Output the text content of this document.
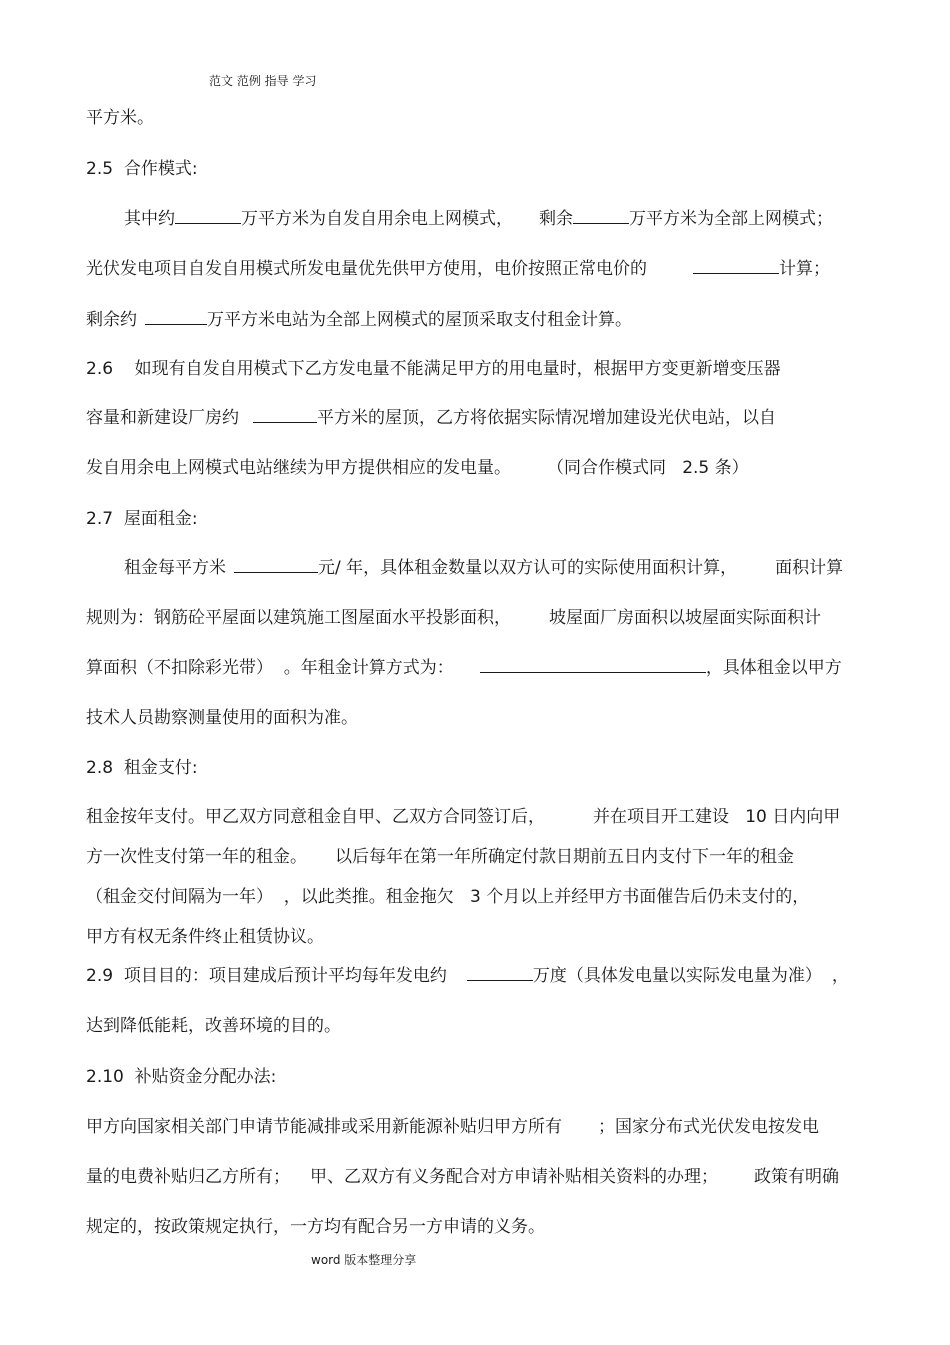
范文 范例 指导 学习
平方米。
2.5  合作模式:
其中约	万平方米为自发自用余电上网模式， 剩余	万平方米为全部上网模式；
光伏发电项目自发自用模式所发电量优先供甲方使用，电价按照正常电价的	计算；
剩余约	万平方米电站为全部上网模式的屋顶采取支付租金计算。
2.6    如现有自发自用模式下乙方发电量不能满足甲方的用电量时，根据甲方变更新增变压器
容量和新建设厂房约	平方米的屋顶，乙方将依据实际情况增加建设光伏电站，以自
发自用余电上网模式电站继续为甲方提供相应的发电量。 （同合作模式同   2.5 条）
2.7  屋面租金:
租金每平方米	元/ 年，具体租金数量以双方认可的实际使用面积计算， 面积计算
规则为：钢筋砼平屋面以建筑施工图屋面水平投影面积， 坡屋面厂房面积以坡屋面实际面积计
算面积（不扣除彩光带）  。年租金计算方式为：	，具体租金以甲方
技术人员勘察测量使用的面积为准。
2.8  租金支付:
租金按年支付。甲乙双方同意租金自甲、乙双方合同签订后，	并在项目开工建设   10 日内向甲
方一次性支付第一年的租金。 以后每年在第一年所确定付款日期前五日内支付下一年的租金
（租金交付间隔为一年）  ，以此类推。租金拖欠   3 个月以上并经甲方书面催告后仍未支付的，
甲方有权无条件终止租赁协议。
2.9  项目目的：项目建成后预计平均每年发电约	万度（具体发电量以实际发电量为准） ，
达到降低能耗，改善环境的目的。
2.10  补贴资金分配办法:
甲方向国家相关部门申请节能减排或采用新能源补贴归甲方所有 ；国家分布式光伏发电按发电
量的电费补贴归乙方所有； 甲、乙双方有义务配合对方申请补贴相关资料的办理； 政策有明确
规定的，按政策规定执行，一方均有配合另一方申请的义务。
word 版本整理分享
